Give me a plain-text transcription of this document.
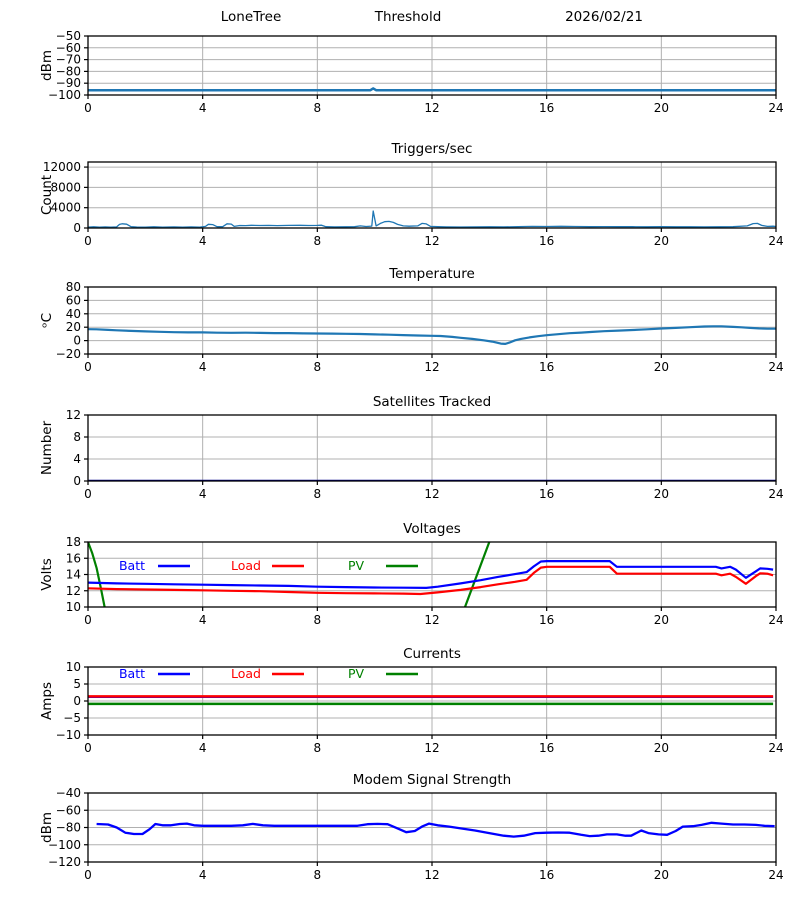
LoneTree	Threshold	2026/02/21
0	4	8	12	16	20	24
−50
−60
−70
−80
−90
−100
dBm
0	4	8	12	16	20	24
0
4000
8000
12000
Triggers/sec
Count
0	4	8	12	16	20	24
−20
0
20
40
60
80
Temperature
ᵒC
0	4	8	12	16	20	24
0
4
8
12
Satellites Tracked
Number
0	4	8	12	16	20	24
10
12
14
16
18
Voltages
Volts	Batt	Load	PV
0	4	8	12	16	20	24
−10
−5
0
5
10
Currents
Amps
Batt	Load	PV
0	4	8	12	16	20	24
−120
−100
−80
−60
−40
Modem Signal Strength
dBm
